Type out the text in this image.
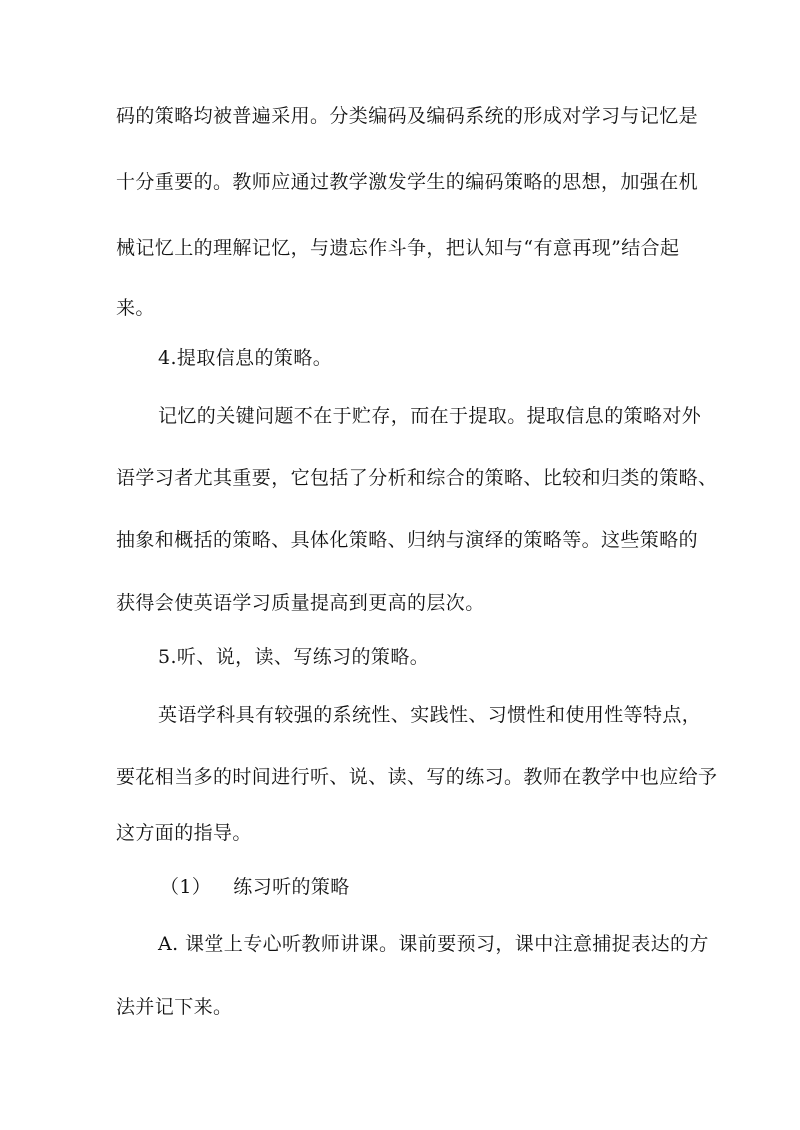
码的策略均被普遍采用。分类编码及编码系统的形成对学习与记忆是
十分重要的。教师应通过教学激发学生的编码策略的思想，加强在机
械记忆上的理解记忆，与遗忘作斗争，把认知与“有意再现”结合起
来。
4.提取信息的策略。
记忆的关键问题不在于贮存，而在于提取。提取信息的策略对外
语学习者尤其重要，它包括了分析和综合的策略、比较和归类的策略、
抽象和概括的策略、具体化策略、归纳与演绎的策略等。这些策略的
获得会使英语学习质量提高到更高的层次。
5.听、说，读、写练习的策略。
英语学科具有较强的系统性、实践性、习惯性和使用性等特点，
要花相当多的时间进行听、说、读、写的练习。教师在教学中也应给予
这方面的指导。
（1） 练习听的策略
A. 课堂上专心听教师讲课。课前要预习，课中注意捕捉表达的方
法并记下来。
